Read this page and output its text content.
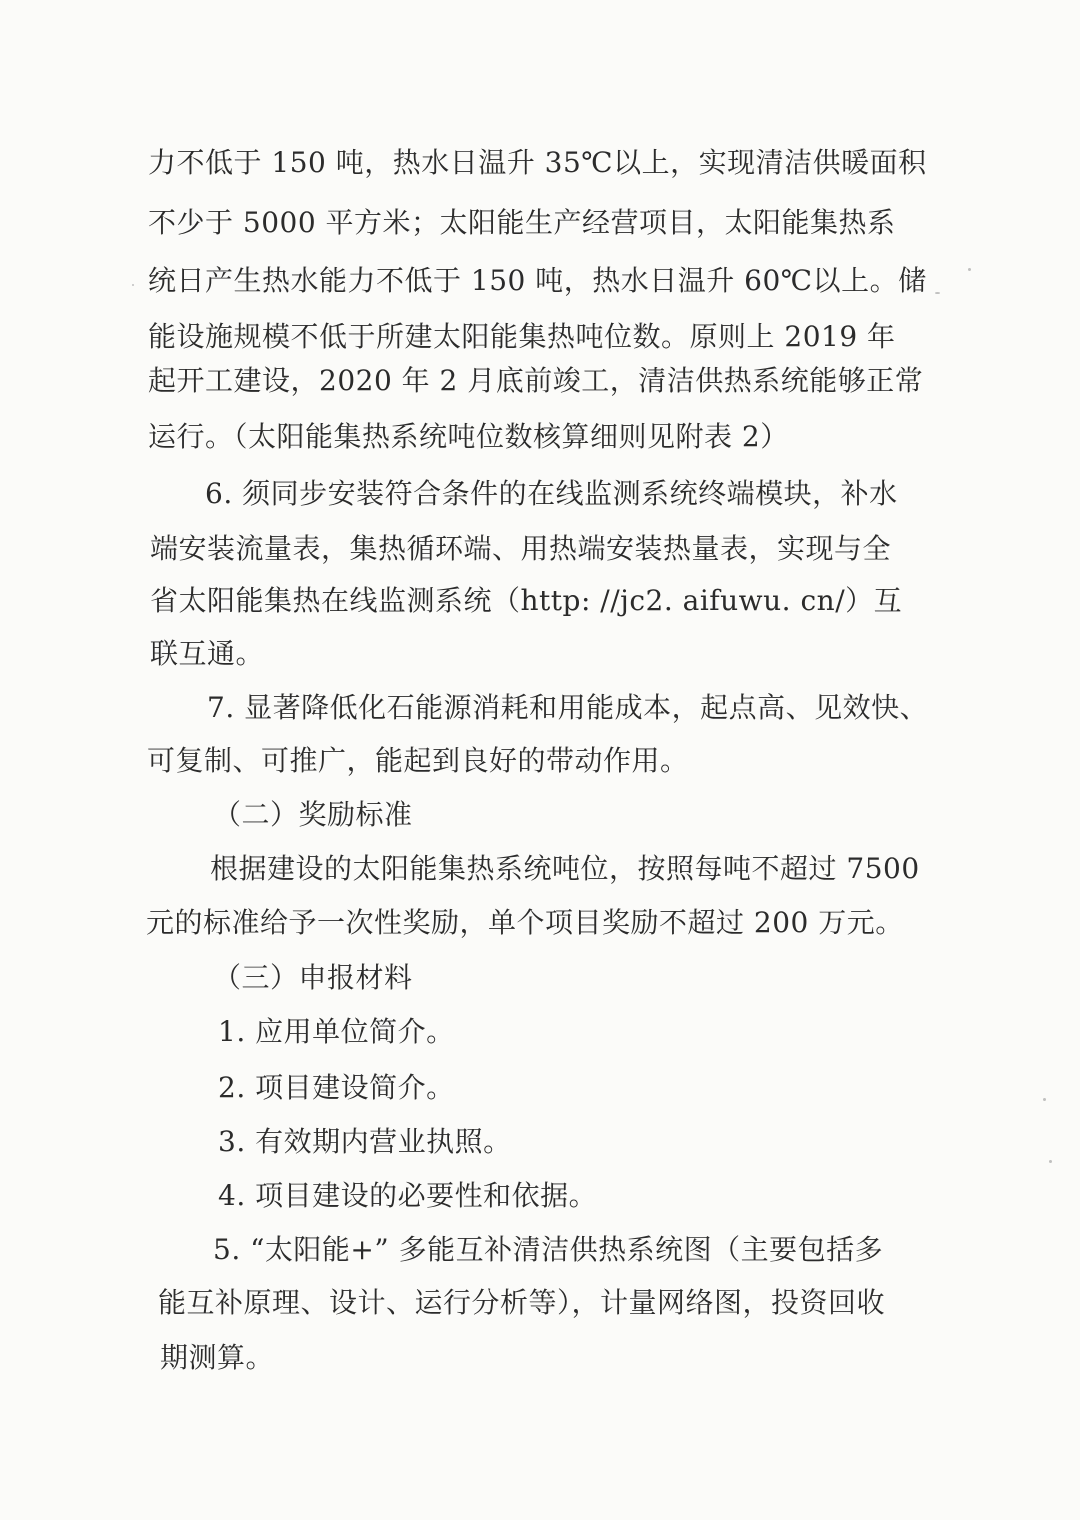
力不低于 150 吨，热水日温升 35℃以上，实现清洁供暖面积
不少于 5000 平方米；太阳能生产经营项目，太阳能集热系
统日产生热水能力不低于 150 吨，热水日温升 60℃以上。储
能设施规模不低于所建太阳能集热吨位数。原则上 2019 年
起开工建设，2020 年 2 月底前竣工，清洁供热系统能够正常
运行。（太阳能集热系统吨位数核算细则见附表 2）
6. 须同步安装符合条件的在线监测系统终端模块，补水
端安装流量表，集热循环端、用热端安装热量表，实现与全
省太阳能集热在线监测系统（http: //jc2. aifuwu. cn/）互
联互通。
7. 显著降低化石能源消耗和用能成本，起点高、见效快、
可复制、可推广，能起到良好的带动作用。
（二）奖励标准
根据建设的太阳能集热系统吨位，按照每吨不超过 7500
元的标准给予一次性奖励，单个项目奖励不超过 200 万元。
（三）申报材料
1. 应用单位简介。
2. 项目建设简介。
3. 有效期内营业执照。
4. 项目建设的必要性和依据。
5. “太阳能+” 多能互补清洁供热系统图（主要包括多
能互补原理、设计、运行分析等），计量网络图，投资回收
期测算。
